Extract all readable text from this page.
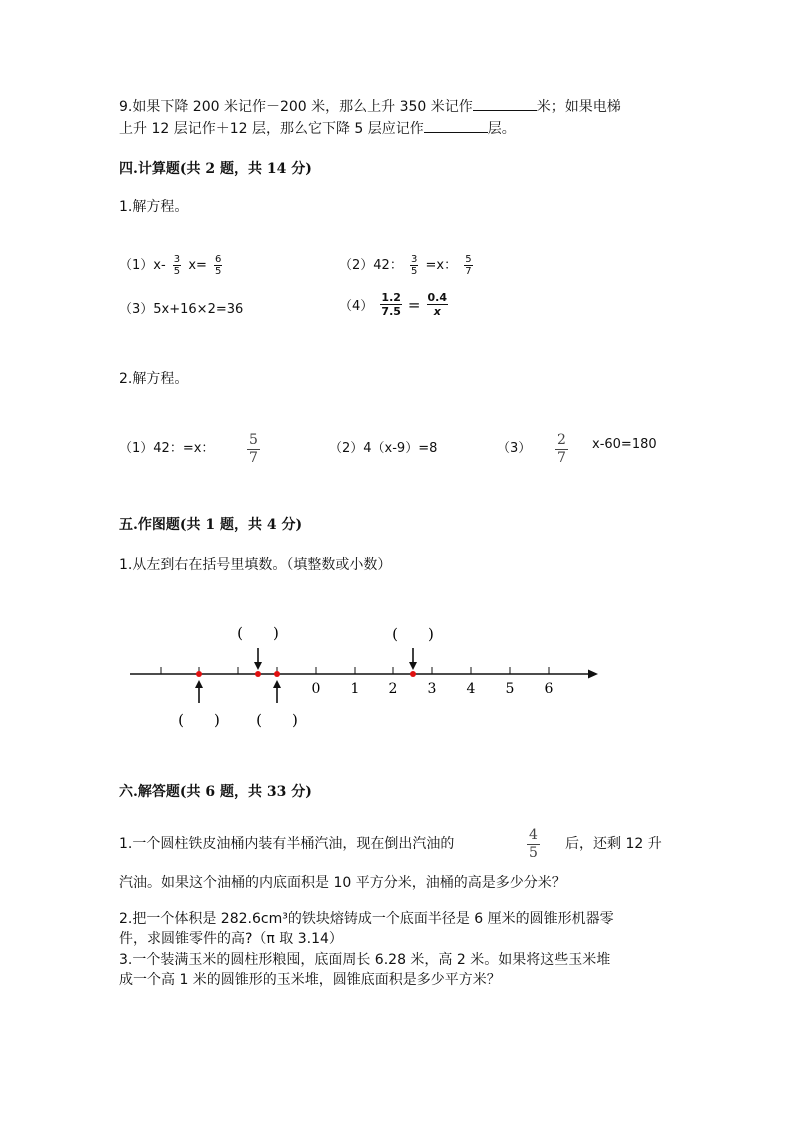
9.如果下降 200 米记作－200 米，那么上升 350 米记作	米；如果电梯
上升 12 层记作＋12 层，那么它下降 5 层应记作	层。
四.计算题(共 2 题，共 14 分)
1.解方程。
$(1)x- \frac{3}{5} x= \frac{6}{5}$	（2）42： $\frac{3}{5} =x$： $\frac{5}{7}$
（3）5x+16×2=36	$(4) \frac{1.2}{7.5} = \frac{0.4}{x}$
2.解方程。
（1）42：=x： $\frac{5}{7}$	（2）4（x-9）=8	$(3) \frac{2}{7} x-60=180$
五.作图题(共 1 题，共 4 分)
1.从左到右在括号里填数。（填整数或小数）
0 1 2 3 4 5 6
(　　)	(　　)
(　　) (　　)
六.解答题(共 6 题，共 33 分)
1.一个圆柱铁皮油桶内装有半桶汽油，现在倒出汽油的	$\frac{4}{5}$ 后，还剩 12 升
汽油。如果这个油桶的内底面积是 10 平方分米，油桶的高是多少分米？
2.把一个体积是 282.6cm³的铁块熔铸成一个底面半径是 6 厘米的圆锥形机器零
件，求圆锥零件的高?（π 取 3.14）
3.一个装满玉米的圆柱形粮囤，底面周长 6.28 米，高 2 米。如果将这些玉米堆
成一个高 1 米的圆锥形的玉米堆，圆锥底面积是多少平方米？
